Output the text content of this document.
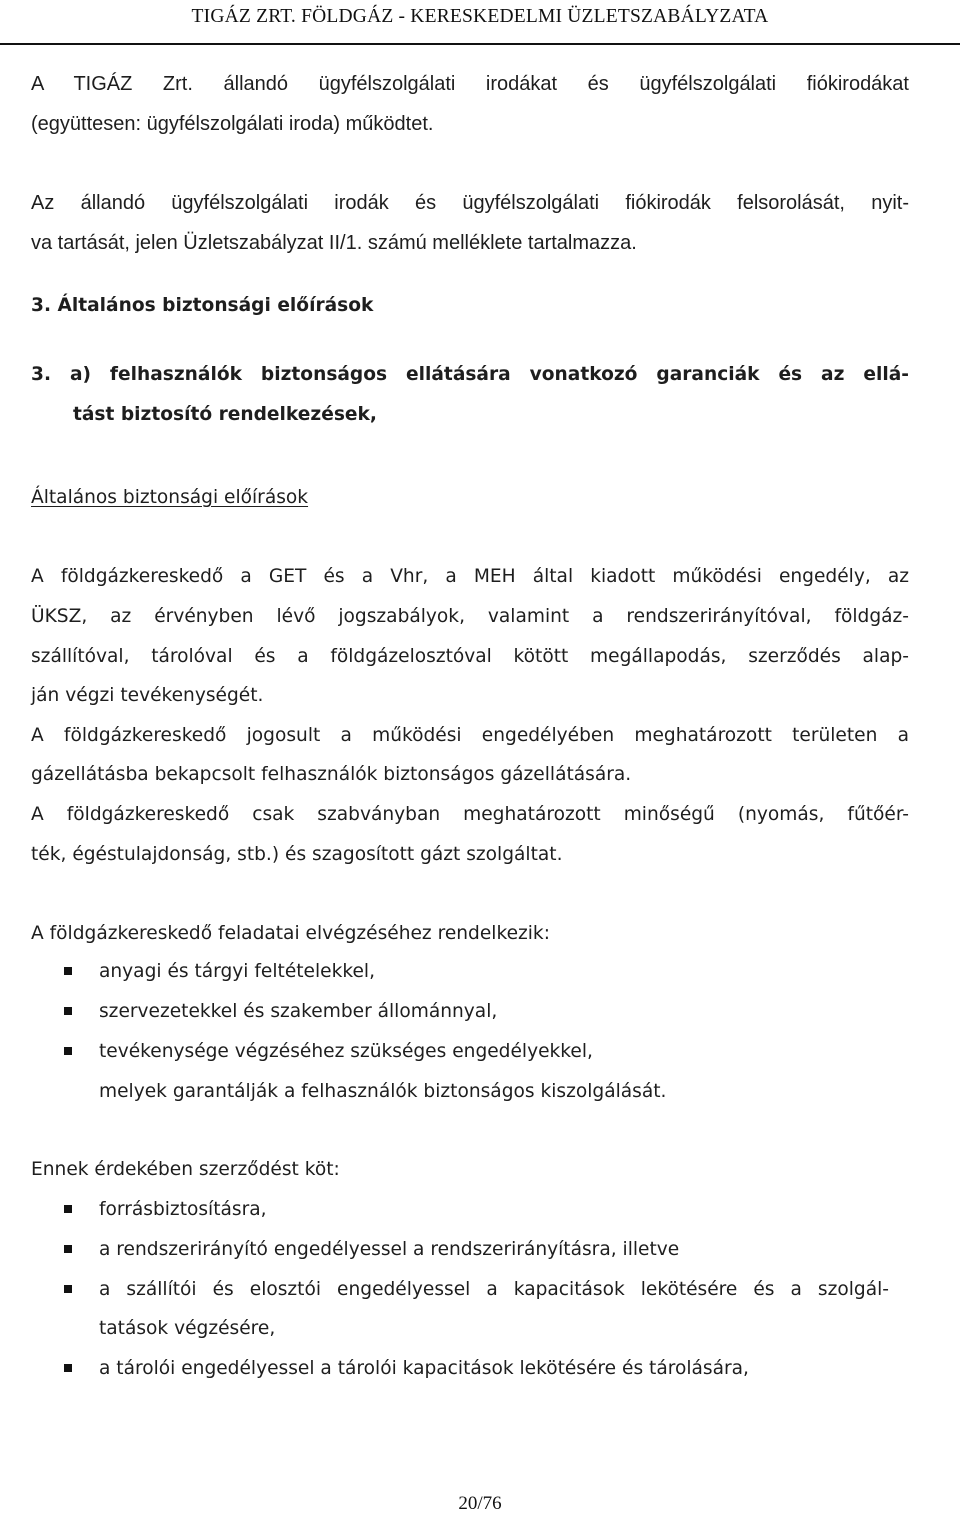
TIGÁZ ZRT. FÖLDGÁZ - KERESKEDELMI ÜZLETSZABÁLYZATA
A TIGÁZ Zrt. állandó ügyfélszolgálati irodákat és ügyfélszolgálati fiókirodákat
(együttesen: ügyfélszolgálati iroda) működtet.
Az állandó ügyfélszolgálati irodák és ügyfélszolgálati fiókirodák felsorolását, nyit-
va tartását, jelen Üzletszabályzat II/1. számú melléklete tartalmazza.
3. Általános biztonsági előírások
3. a) felhasználók biztonságos ellátására vonatkozó garanciák és az ellá-
tást biztosító rendelkezések,
Általános biztonsági előírások
A földgázkereskedő a GET és a Vhr, a MEH által kiadott működési engedély, az
ÜKSZ, az érvényben lévő jogszabályok, valamint a rendszerirányítóval, földgáz-
szállítóval, tárolóval és a földgázelosztóval kötött megállapodás, szerződés alap-
ján végzi tevékenységét.
A földgázkereskedő jogosult a működési engedélyében meghatározott területen a
gázellátásba bekapcsolt felhasználók biztonságos gázellátására.
A földgázkereskedő csak szabványban meghatározott minőségű (nyomás, fűtőér-
ték, égéstulajdonság, stb.) és szagosított gázt szolgáltat.
A földgázkereskedő feladatai elvégzéséhez rendelkezik:
anyagi és tárgyi feltételekkel,
szervezetekkel és szakember állománnyal,
tevékenysége végzéséhez szükséges engedélyekkel,
melyek garantálják a felhasználók biztonságos kiszolgálását.
Ennek érdekében szerződést köt:
forrásbiztosításra,
a rendszerirányító engedélyessel a rendszerirányításra, illetve
a szállítói és elosztói engedélyessel a kapacitások lekötésére és a szolgál-
tatások végzésére,
a tárolói engedélyessel a tárolói kapacitások lekötésére és tárolására,
20/76
